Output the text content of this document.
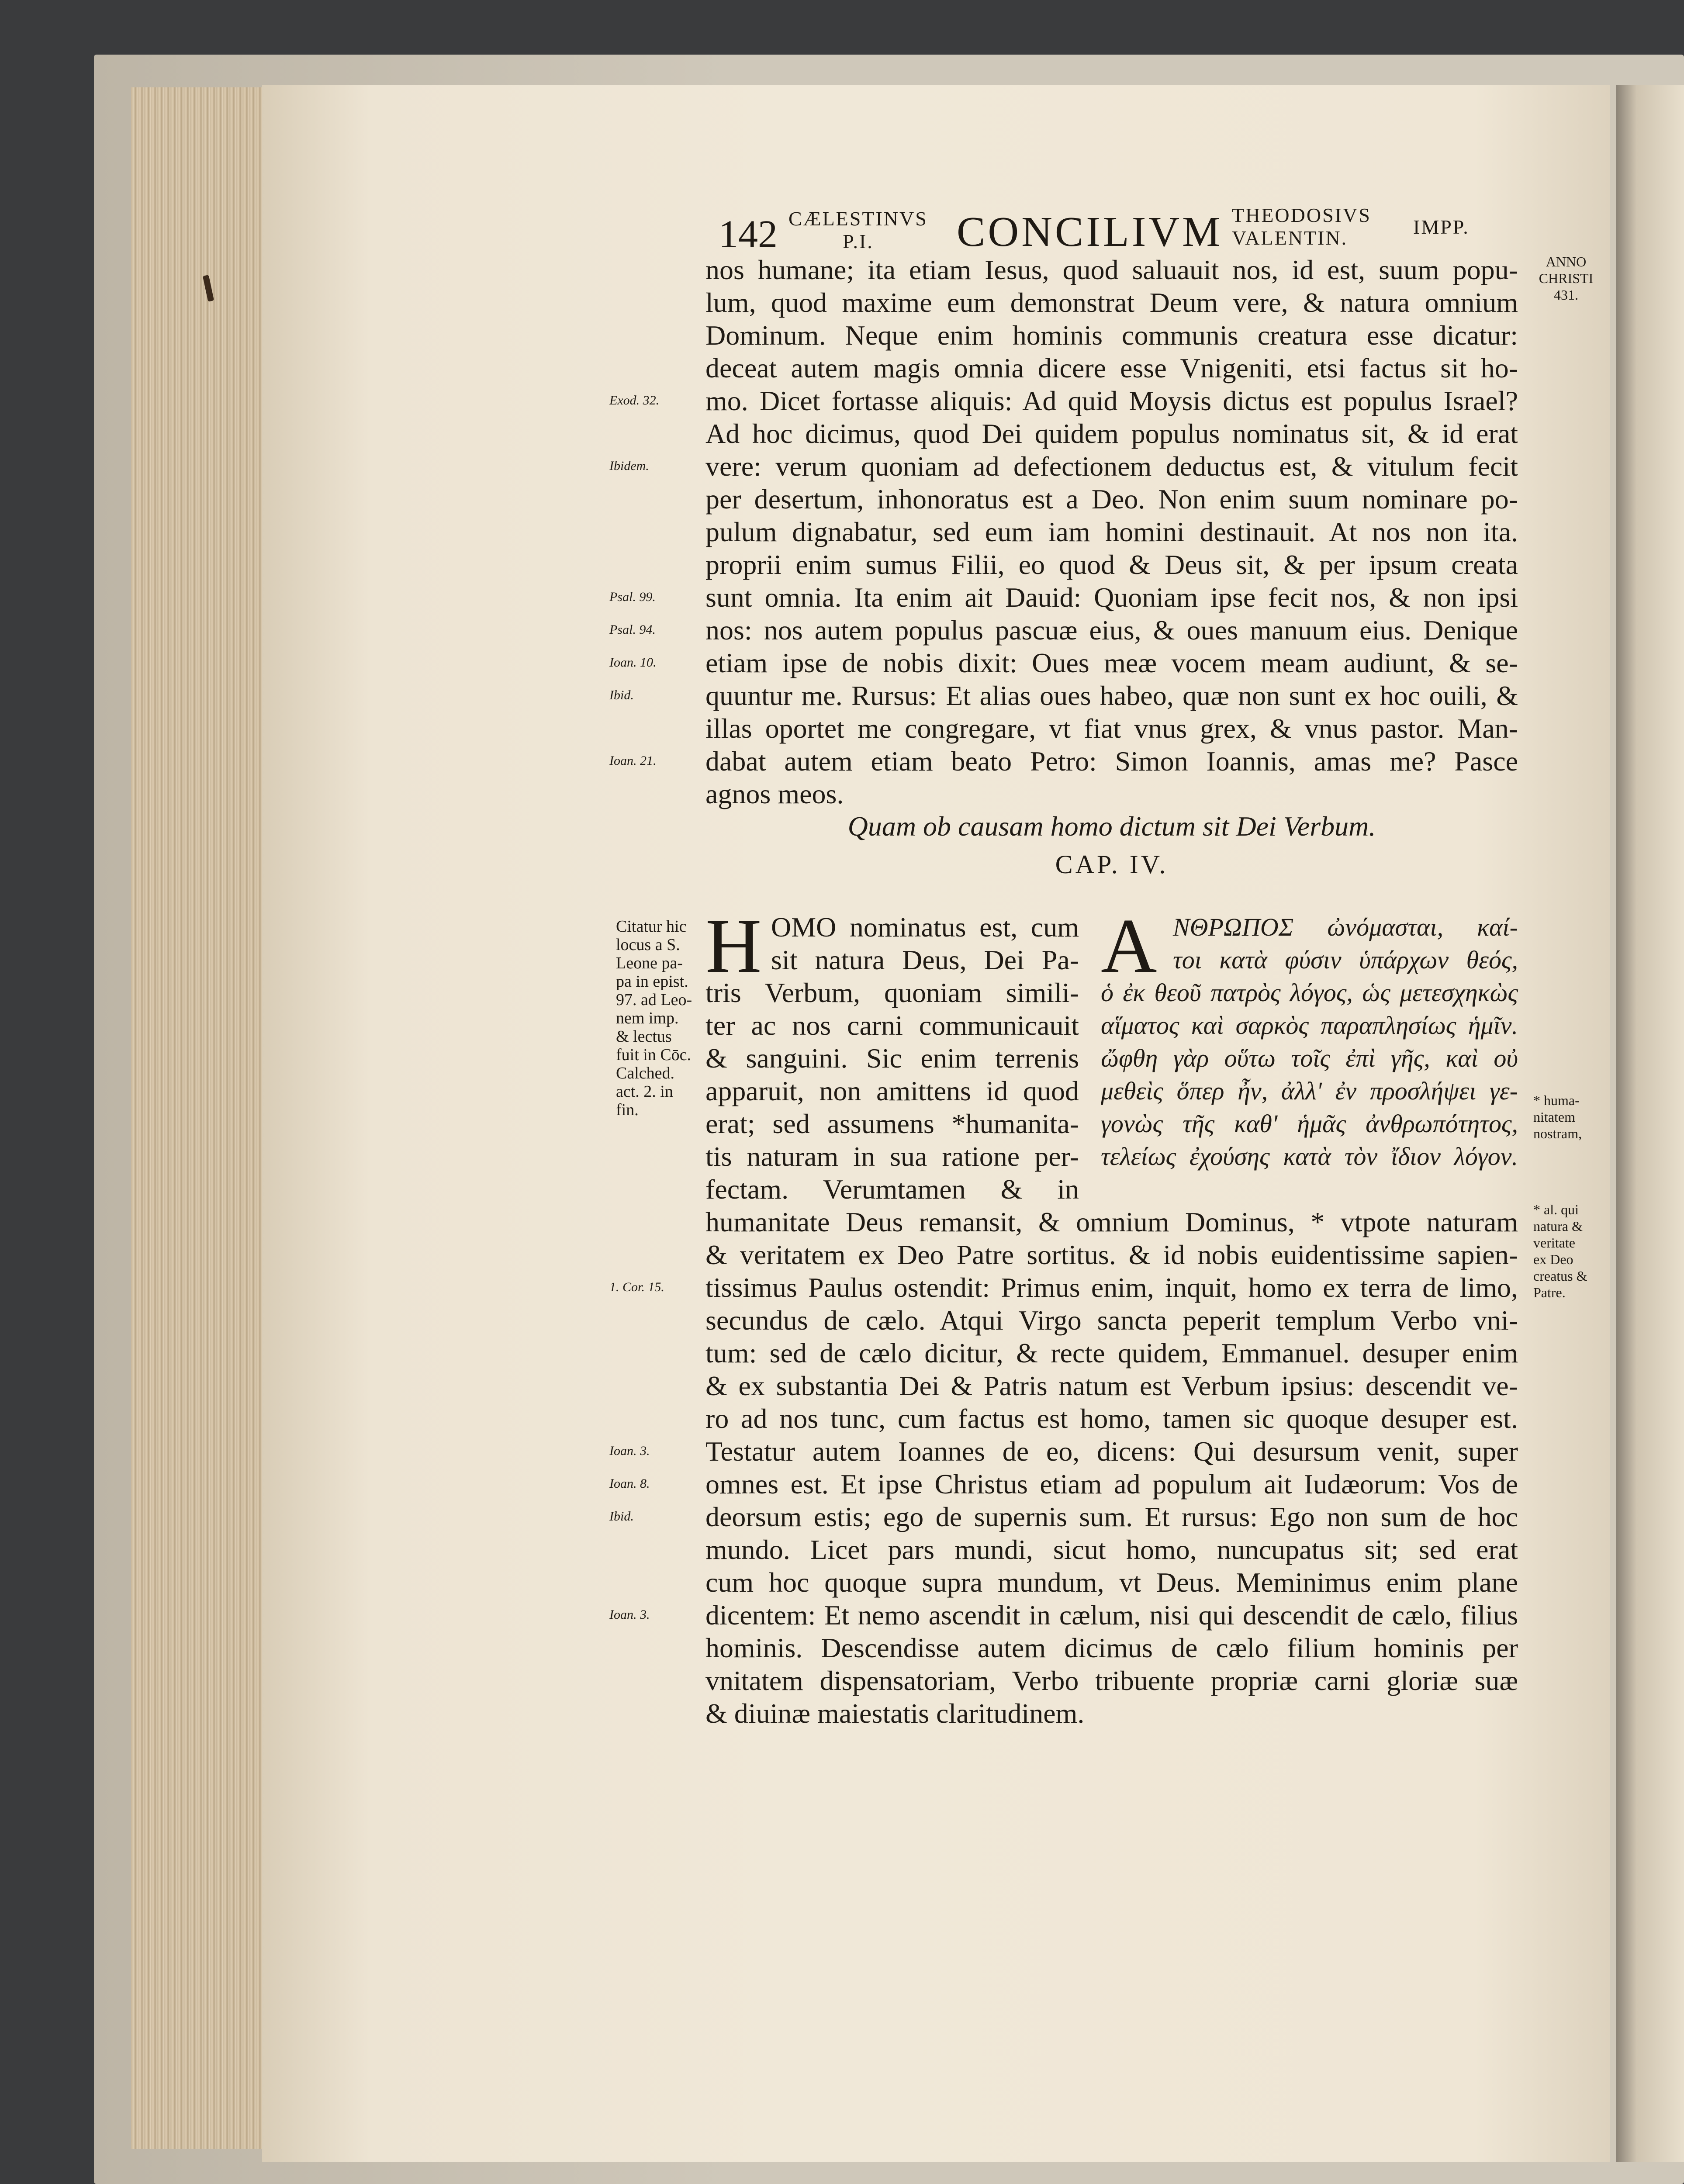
142 CÆLESTINVS
P.I.	CONCILIVM THEODOSIVS
VALENTIN.	IMPP.
ANNO
CHRISTI
431.
nos humane; ita etiam Iesus, quod saluauit nos, id est, suum popu-
lum, quod maxime eum demonstrat Deum vere, & natura omnium
Dominum. Neque enim hominis communis creatura esse dicatur:
deceat autem magis omnia dicere esse Vnigeniti, etsi factus sit ho-
mo. Dicet fortasse aliquis: Ad quid Moysis dictus est populus Israel?
Ad hoc dicimus, quod Dei quidem populus nominatus sit, & id erat
vere: verum quoniam ad defectionem deductus est, & vitulum fecit
per desertum, inhonoratus est a Deo. Non enim suum nominare po-
pulum dignabatur, sed eum iam homini destinauit. At nos non ita.
proprii enim sumus Filii, eo quod & Deus sit, & per ipsum creata
sunt omnia. Ita enim ait Dauid: Quoniam ipse fecit nos, & non ipsi
nos: nos autem populus pascuæ eius, & oues manuum eius. Denique
etiam ipse de nobis dixit: Oues meæ vocem meam audiunt, & se-
quuntur me. Rursus: Et alias oues habeo, quæ non sunt ex hoc ouili, &
illas oportet me congregare, vt fiat vnus grex, & vnus pastor. Man-
dabat autem etiam beato Petro: Simon Ioannis, amas me? Pasce
agnos meos.
Exod. 32.
Ibidem.
Psal. 99.
Psal. 94.
Ioan. 10.
Ibid.
Ioan. 21.
Quam ob causam homo dictum sit Dei Verbum.
CAP. IV.
H OMO nominatus est, cum
sit natura Deus, Dei Pa-
tris Verbum, quoniam simili-
ter ac nos carni communicauit
& sanguini. Sic enim terrenis
apparuit, non amittens id quod
erat; sed assumens *humanita-
tis naturam in sua ratione per-
fectam. Verumtamen & in
Α ΝΘΡΩΠΟΣ ὠνόμασται, καί-
τοι κατὰ φύσιν ὑπάρχων θεός,
ὁ ἐκ θεοῦ πατρὸς λόγος, ὡς μετεσχηκὼς
αἵματος καὶ σαρκὸς παραπλησίως ἡμῖν.
ὤφθη γὰρ οὕτω τοῖς ἐπὶ γῆς, καὶ οὐ
μεθεὶς ὅπερ ἦν, ἀλλ' ἐν προσλήψει γε-
γονὼς τῆς καθ' ἡμᾶς ἀνθρωπότητος,
τελείως ἐχούσης κατὰ τὸν ἴδιον λόγον.
Citatur hic
locus a S.
Leone pa-
pa in epist.
97. ad Leo-
nem imp.
& lectus
fuit in Cōc.
Calched.
act. 2. in
fin.
* huma-
nitatem
nostram,
* al. qui
natura &
veritate
ex Deo
creatus &
Patre.
humanitate Deus remansit, & omnium Dominus, * vtpote naturam
& veritatem ex Deo Patre sortitus. & id nobis euidentissime sapien-
tissimus Paulus ostendit: Primus enim, inquit, homo ex terra de limo,
secundus de cælo. Atqui Virgo sancta peperit templum Verbo vni-
tum: sed de cælo dicitur, & recte quidem, Emmanuel. desuper enim
& ex substantia Dei & Patris natum est Verbum ipsius: descendit ve-
ro ad nos tunc, cum factus est homo, tamen sic quoque desuper est.
Testatur autem Ioannes de eo, dicens: Qui desursum venit, super
omnes est. Et ipse Christus etiam ad populum ait Iudæorum: Vos de
deorsum estis; ego de supernis sum. Et rursus: Ego non sum de hoc
mundo. Licet pars mundi, sicut homo, nuncupatus sit; sed erat
cum hoc quoque supra mundum, vt Deus. Meminimus enim plane
dicentem: Et nemo ascendit in cælum, nisi qui descendit de cælo, filius
hominis. Descendisse autem dicimus de cælo filium hominis per
vnitatem dispensatoriam, Verbo tribuente propriæ carni gloriæ suæ
& diuinæ maiestatis claritudinem.
1. Cor. 15.
Ioan. 3.
Ioan. 8.
Ibid.
Ioan. 3.
